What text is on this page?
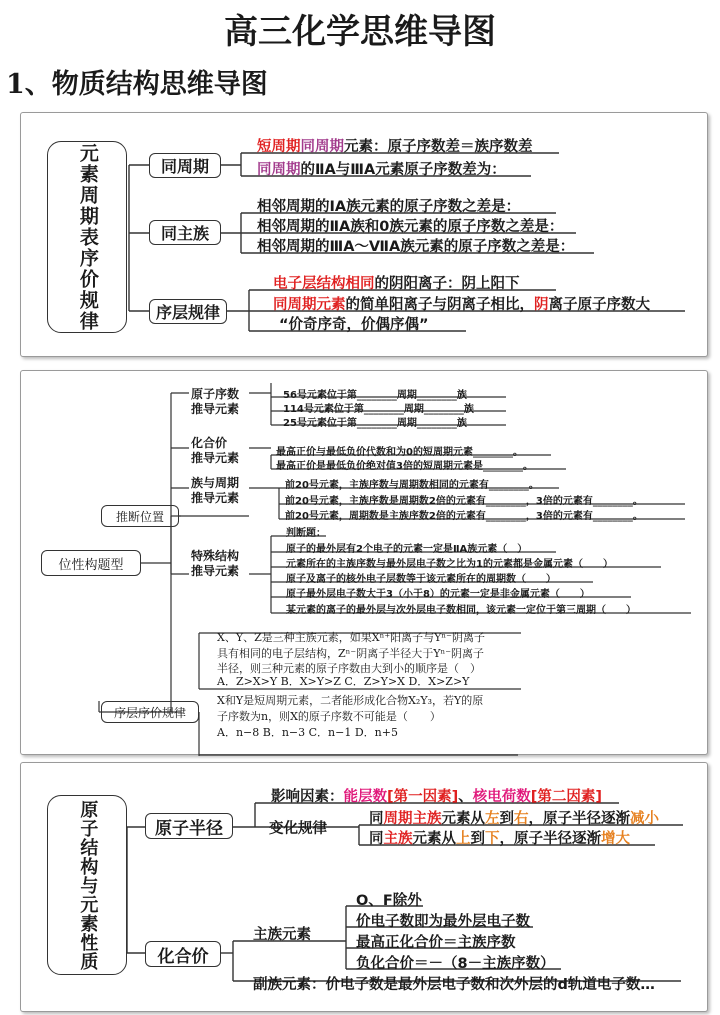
高三化学思维导图
1、物质结构思维导图
元素周期表序价规律	同周期
同主族
序层规律
短周期同周期元素：原子序数差＝族序数差
同周期的ⅡA与ⅢA元素原子序数差为：
相邻周期的ⅠA族元素的原子序数之差是：
相邻周期的ⅡA族和0族元素的原子序数之差是：
相邻周期的ⅢA～ⅦA族元素的原子序数之差是：
电子层结构相同的阴阳离子：阴上阳下
同周期元素的简单阳离子与阴离子相比，阴离子原子序数大
“价奇序奇，价偶序偶”
位性构题型
推断位置
序层序价规律
原子序数
推导元素
化合价
推导元素
族与周期
推导元素
特殊结构
推导元素
56号元素位于第________周期________族
114号元素位于第________周期________族
25号元素位于第________周期________族
最高正价与最低负价代数和为0的短周期元素________。
最高正价是最低负价绝对值3倍的短周期元素是________。
前20号元素，主族序数与周期数相同的元素有________。
前20号元素，主族序数是周期数2倍的元素有________，3倍的元素有________。
前20号元素，周期数是主族序数2倍的元素有________，3倍的元素有________。
判断题：
原子的最外层有2个电子的元素一定是ⅡA族元素（　）
元素所在的主族序数与最外层电子数之比为1的元素都是金属元素（　　）
原子及离子的核外电子层数等于该元素所在的周期数（　　）
原子最外层电子数大于3（小于8）的元素一定是非金属元素（　　）
某元素的离子的最外层与次外层电子数相同，该元素一定位于第三周期（　　）
X、Y、Z是三种主族元素，如果Xⁿ⁺阳离子与Yⁿ⁻阴离子
具有相同的电子层结构，Zⁿ⁻阴离子半径大于Yⁿ⁻阴离子
半径，则三种元素的原子序数由大到小的顺序是（　）
A．Z>X>Y B．X>Y>Z C．Z>Y>X D．X>Z>Y
X和Y是短周期元素，二者能形成化合物X₂Y₃，若Y的原
子序数为n，则X的原子序数不可能是（　　）
A．n−8 B．n−3 C．n−1 D．n+5
原子结构与元素性质	原子半径
化合价
影响因素：能层数[第一因素]、核电荷数[第二因素]
变化规律
同周期主族元素从左到右，原子半径逐渐减小
同主族元素从上到下，原子半径逐渐增大
主族元素
O、F除外
价电子数即为最外层电子数
最高正化合价＝主族序数
负化合价＝－（8－主族序数）
副族元素：价电子数是最外层电子数和次外层的d轨道电子数…
